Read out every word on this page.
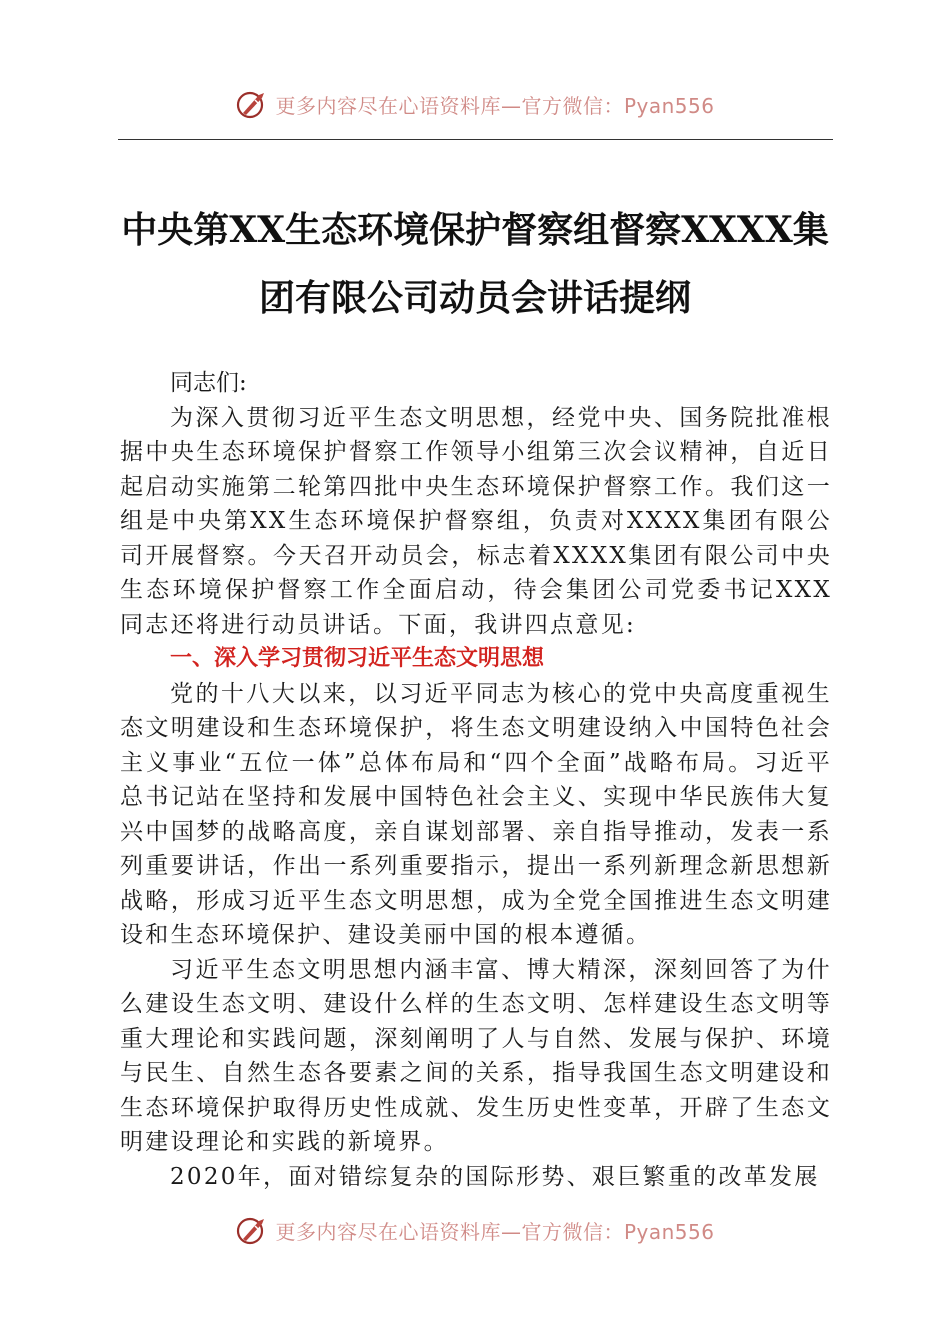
更多内容尽在心语资料库—官方微信：Pyan556
中央第XX生态环境保护督察组督察XXXX集
团有限公司动员会讲话提纲

同志们:

为深入贯彻习近平生态文明思想，经党中央、国务院批准根据中央生态环境保护督察工作领导小组第三次会议精神，自近日起启动实施第二轮第四批中央生态环境保护督察工作。我们这一组是中央第XX生态环境保护督察组，负责对XXXX集团有限公司开展督察。今天召开动员会，标志着XXXX集团有限公司中央生态环境保护督察工作全面启动，待会集团公司党委书记XXX同志还将进行动员讲话。下面，我讲四点意见:

一、深入学习贯彻习近平生态文明思想

党的十八大以来，以习近平同志为核心的党中央高度重视生态文明建设和生态环境保护，将生态文明建设纳入中国特色社会主义事业“五位一体”总体布局和“四个全面”战略布局。习近平总书记站在坚持和发展中国特色社会主义、实现中华民族伟大复兴中国梦的战略高度，亲自谋划部署、亲自指导推动，发表一系列重要讲话，作出一系列重要指示，提出一系列新理念新思想新战略，形成习近平生态文明思想，成为全党全国推进生态文明建设和生态环境保护、建设美丽中国的根本遵循。

习近平生态文明思想内涵丰富、博大精深，深刻回答了为什么建设生态文明、建设什么样的生态文明、怎样建设生态文明等重大理论和实践问题，深刻阐明了人与自然、发展与保护、环境与民生、自然生态各要素之间的关系，指导我国生态文明建设和生态环境保护取得历史性成就、发生历史性变革，开辟了生态文明建设理论和实践的新境界。

2020年，面对错综复杂的国际形势、艰巨繁重的改革发展

更多内容尽在心语资料库—官方微信：Pyan556
